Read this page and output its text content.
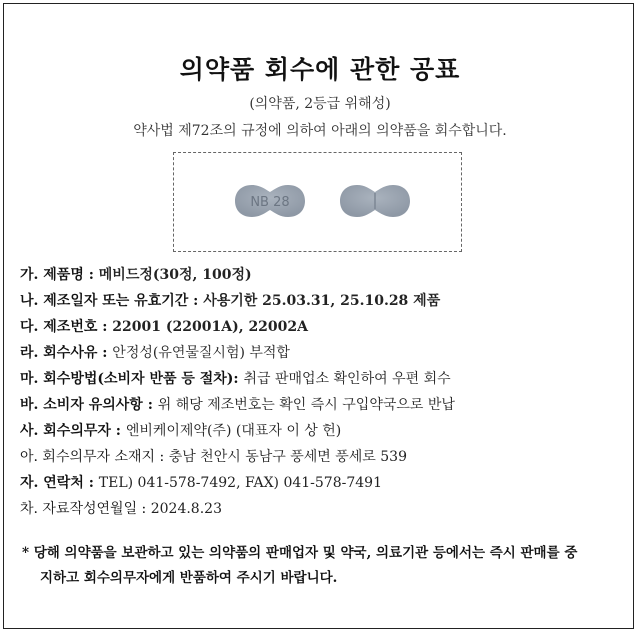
의약품 회수에 관한 공표
(의약품, 2등급 위해성)
약사법 제72조의 규정에 의하여 아래의 의약품을 회수합니다.
NB 28
가. 제품명 : 메비드정(30정, 100정)
나. 제조일자 또는 유효기간 : 사용기한 25.03.31, 25.10.28 제품
다. 제조번호 : 22001 (22001A), 22002A
라. 회수사유 : 안정성(유연물질시험) 부적합
마. 회수방법(소비자 반품 등 절차): 취급 판매업소 확인하여 우편 회수
바. 소비자 유의사항 : 위 해당 제조번호는 확인 즉시 구입약국으로 반납
사. 회수의무자 : 엔비케이제약(주) (대표자 이 상 헌)
아. 회수의무자 소재지 : 충남 천안시 동남구 풍세면 풍세로 539
자. 연락처 : TEL) 041-578-7492, FAX) 041-578-7491
차. 자료작성연월일 : 2024.8.23
* 당해 의약품을 보관하고 있는 의약품의 판매업자 및 약국, 의료기관 등에서는 즉시 판매를 중
지하고 회수의무자에게 반품하여 주시기 바랍니다.
